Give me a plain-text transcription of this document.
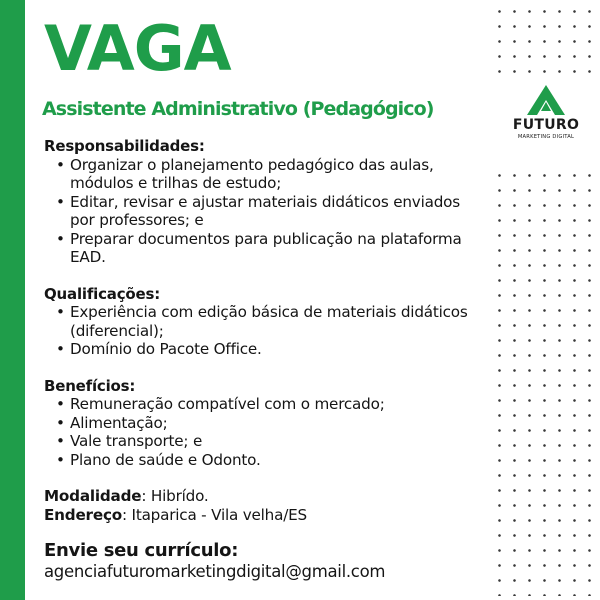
VAGA
Assistente Administrativo (Pedagógico)
FUTURO
MARKETING DIGITAL
Responsabilidades:
• Organizar o planejamento pedagógico das aulas, módulos e trilhas de estudo;
• Editar, revisar e ajustar materiais didáticos enviados por professores; e
• Preparar documentos para publicação na plataforma EAD.
Qualificações:
• Experiência com edição básica de materiais didáticos (diferencial);
• Domínio do Pacote Office.
Benefícios:
• Remuneração compatível com o mercado;
• Alimentação;
• Vale transporte; e
• Plano de saúde e Odonto.
Modalidade: Hibrído.
Endereço: Itaparica - Vila velha/ES
Envie seu currículo:
agenciafuturomarketingdigital@gmail.com
